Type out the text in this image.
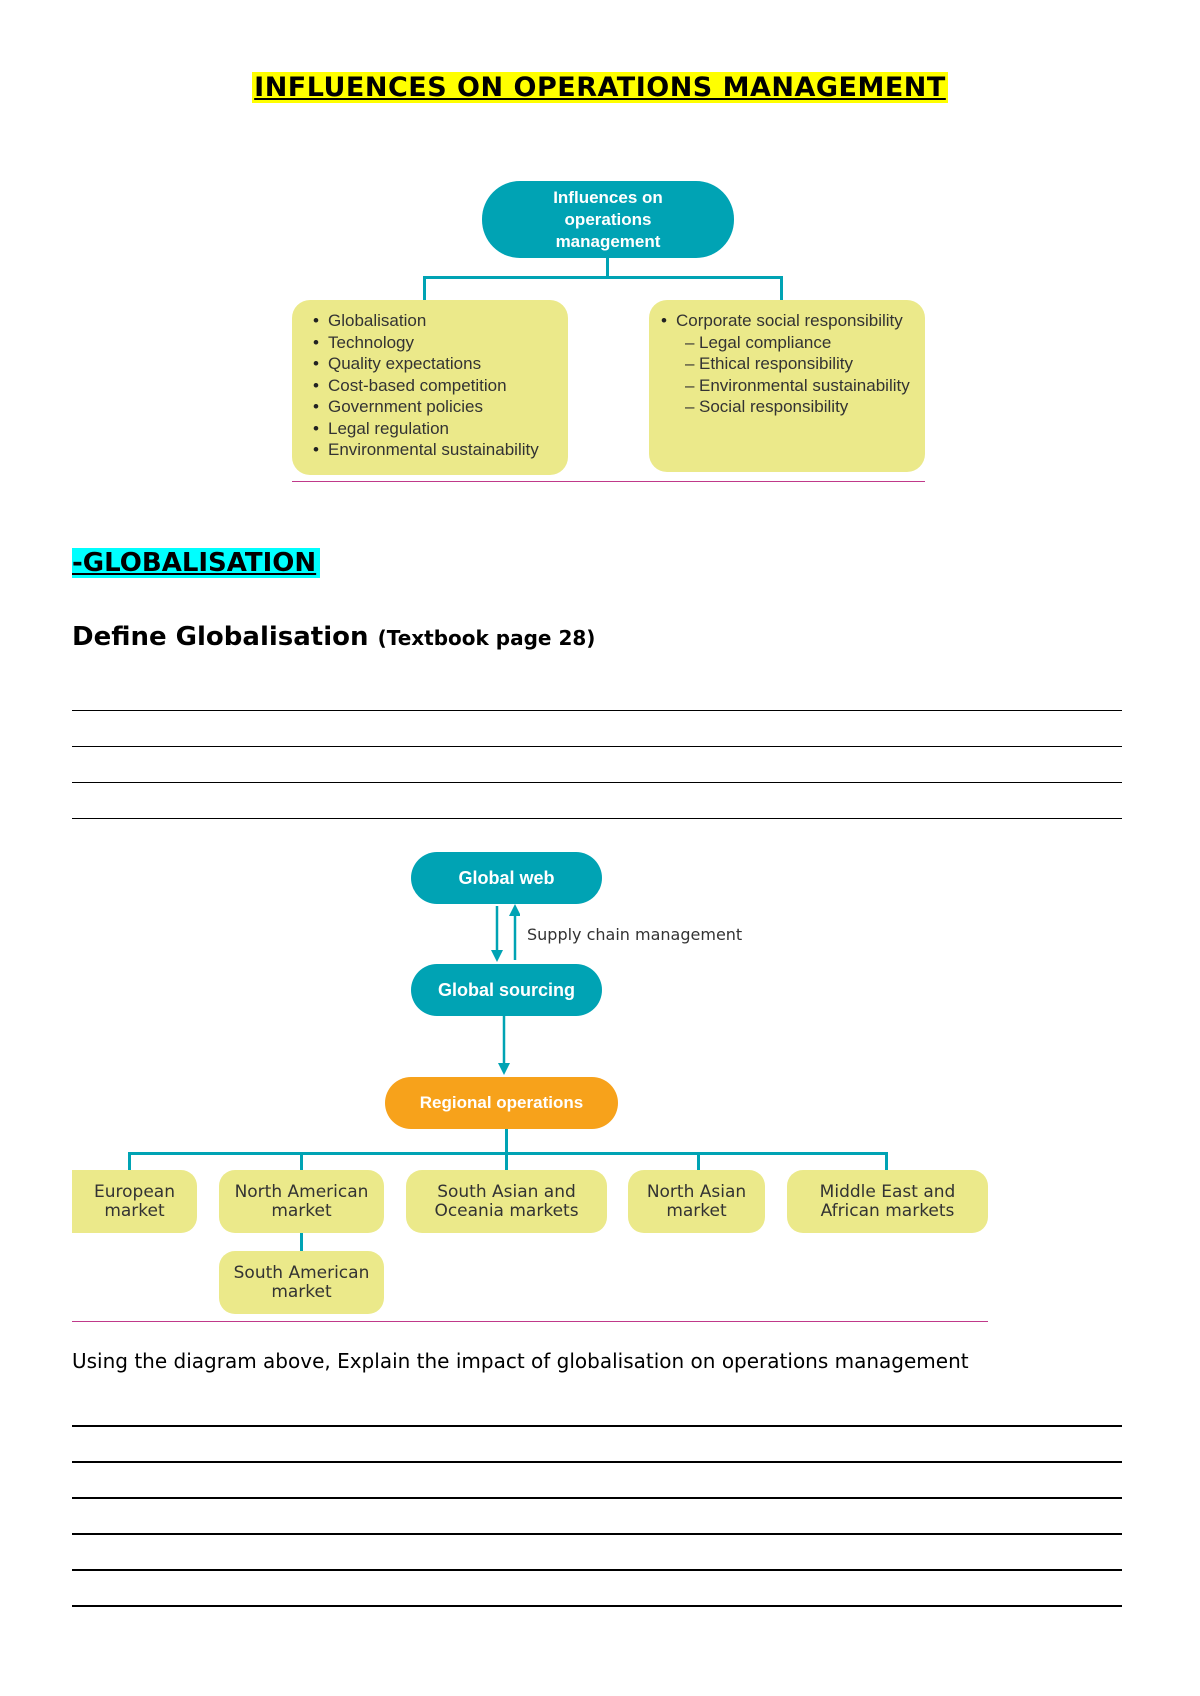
INFLUENCES ON OPERATIONS MANAGEMENT
Influences on operations management
• Globalisation
• Technology
• Quality expectations
• Cost-based competition
• Government policies
• Legal regulation
• Environmental sustainability
• Corporate social responsibility
– Legal compliance
– Ethical responsibility
– Environmental sustainability
– Social responsibility
-GLOBALISATION
Define Globalisation (Textbook page 28)
Global web
Supply chain management
Global sourcing
Regional operations
European market
North American market
South Asian and Oceania markets
North Asian market
Middle East and African markets
South American market
Using the diagram above, Explain the impact of globalisation on operations management
